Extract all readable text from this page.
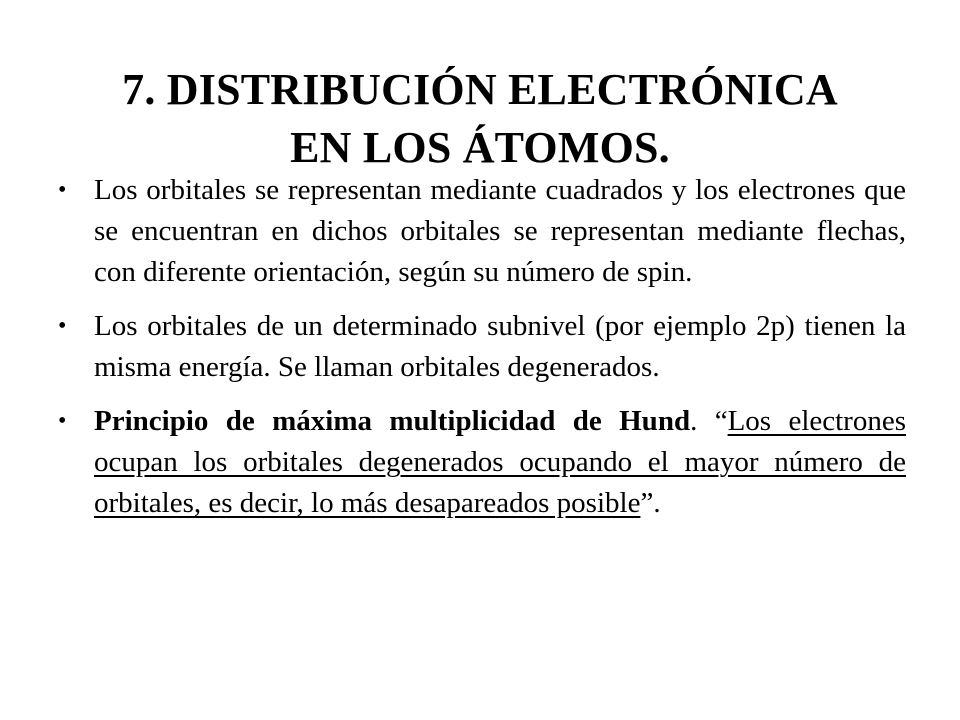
7. DISTRIBUCIÓN ELECTRÓNICA
EN LOS ÁTOMOS.
• Los orbitales se representan mediante cuadrados y los electrones que se encuentran en dichos orbitales se representan mediante flechas, con diferente orientación, según su número de spin.
• Los orbitales de un determinado subnivel (por ejemplo 2p) tienen la misma energía. Se llaman orbitales degenerados.
• Principio de máxima multiplicidad de Hund. “Los electrones ocupan los orbitales degenerados ocupando el mayor número de orbitales, es decir, lo más desapareados posible”.
